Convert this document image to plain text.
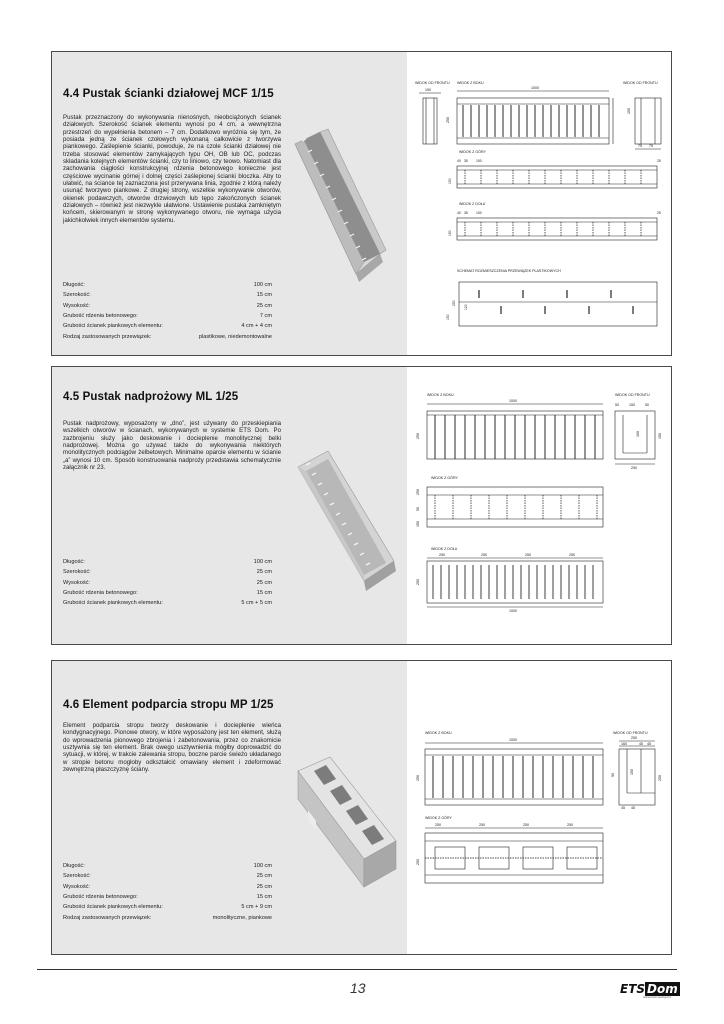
4.4 Pustak ścianki działowej MCF 1/15

Pustak przeznaczony do wykonywania nienośnych, nieobciążonych ścianek działowych. Szerokość ścianek elementu wynosi po 4 cm, a wewnętrzna przestrzeń do wypełnienia betonem – 7 cm. Dodatkowo wyróżnia się tym, że posiada jedną ze ścianek czołowych wykonaną całkowicie z tworzywa piankowego. Zaślepienie ścianki, powoduje, że na czole ścianki działowej nie trzeba stosować elementów zamykających typu OH, OB lub OC, podczas składania kolejnych elementów ścianki, czy to liniowo, czy teowo. Natomiast dla zachowania ciągłości konstrukcyjnej rdzenia betonowego konieczne jest częściowe wycinanie górnej i dolnej części zaślepionej ścianki bloczka. Aby to ułatwić, na ściance tej zaznaczona jest przerywana linia, zgodnie z którą należy usunąć tworzywo piankowe. Z drugiej strony, wszelkie wykonywanie otworów, okienek podawczych, otworów drzwiowych lub tępo zakończonych ścianek działowych – również jest niezwykle ułatwione. Ustawienie pustaka zamkniętym końcem, skierowanym w stronę wykonywanego otworu, nie wymaga użycia jakichkolwiek innych elementów systemu.

Długość:	100 cm
Szerokość:	15 cm
Wysokość:	25 cm
Grubość rdzenia betonowego:	7 cm
Grubości ścianek piankowych elementu:	4 cm + 4 cm
Rodzaj zastosowanych przewiązek:	plastikowe, niedemontowalne
WIDOK OD FRONTU WIDOK Z BOKU	WIDOK OD FRONTU
150	1000
250
150
75 75
WIDOK Z GÓRY
40 35 100	25
150
WIDOK Z DOŁU
40 35 100	25
150
SCHEMAT ROZMIESZCZENIA PRZEWIĄZEK PLASTIKOWYCH
250
150
120
4.5 Pustak nadprożowy ML 1/25

Pustak nadprożowy, wyposażony w „dno”, jest używany do przeskiepiania wszelkich otworów w ścianach, wykonywanych w systemie ETS Dom. Po zazbrojeniu służy jako deskowanie i docieplenie monolitycznej belki nadprożowej. Można go używać także do wykonywania niektórych monolitycznych podciągów żelbetowych. Minimalne oparcie elementu w ścianie „a” wynosi 10 cm. Sposób konstruowania nadproży przedstawia schematycznie załącznik nr 23.

Długość:	100 cm
Szerokość:	25 cm
Wysokość:	25 cm
Grubość rdzenia betonowego:	15 cm
Grubości ścianek piankowych elementu:	5 cm + 5 cm
WIDOK Z BOKU	WIDOK OD FRONTU
1000
250
50	150	50
250
100	150
WIDOK Z GÓRY
250
50
150
WIDOK Z DOŁU
250	250	250	250
1000
250
4.6 Element podparcia stropu MP 1/25

Element podparcia stropu tworzy deskowanie i docieplenie wieńca kondygnacyjnego. Pionowe otwory, w które wyposażony jest ten element, służą do wprowadzenia pionowego zbrojenia i zabetonowania, przez co znakomicie usztywnia się ten element. Brak owego usztywnienia mógłby doprowadzić do sytuacji, w której, w trakcie zalewania stropu, boczne parcie świeżo układanego w stropie betonu mogłoby odkształcić omawiany element i zdeformować zewnętrzną płaszczyznę ściany.

Długość:	100 cm
Szerokość:	25 cm
Wysokość:	25 cm
Grubość rdzenia betonowego:	15 cm
Grubości ścianek piankowych elementu:	5 cm + 9 cm
Rodzaj zastosowanych przewiązek:	monolityczne, piankowe
WIDOK Z BOKU	WIDOK OD FRONTU
1000
250
250
160	45 45
90	150
250
45 45
WIDOK Z GÓRY
250	250	250	250
250
13	ETS Dom
budownictwo ekologiczne
